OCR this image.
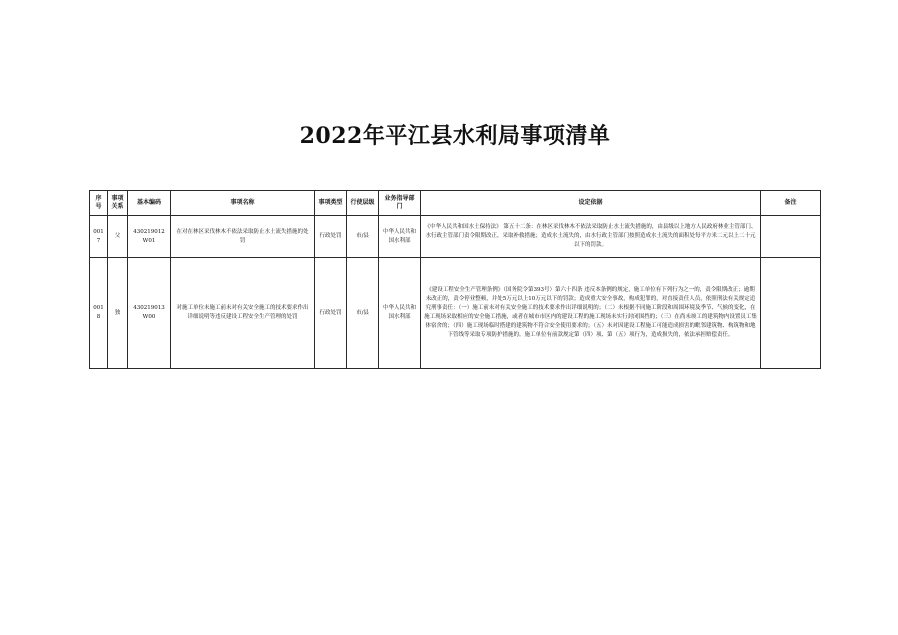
2022年平江县水利局事项清单
序号	事项关系	基本编码	事项名称	事项类型	行使层级	业务指导部门	设定依据	备注
0017	父	430219012W01	在对在林区采伐林木不依法采取防止水土流失措施的处罚	行政处罚	市/县	中华人民共和国水利部	《中华人民共和国水土保持法》 第五十二条：在林区采伐林木不依法采取防止水土流失措施的，由县级以上地方人民政府林业主管部门、水行政主管部门责令限期改正，采取补救措施；造成水土流失的，由水行政主管部门按照造成水土流失的面积处每平方米二元以上二十元以下的罚款。	
0018	独	430219013W00	对施工单位未施工前未对有关安全施工的技术要求作出详细说明等违反建设工程安全生产管理的处罚	行政处罚	市/县	中华人民共和国水利部	《建设工程安全生产管理条例》（国务院令第393号）第六十四条 违反本条例的规定，施工单位有下列行为之一的，责令限期改正；逾期未改正的，责令停业整顿，并处5万元以上10万元以下的罚款；造成重大安全事故，构成犯罪的，对直接责任人员，依照刑法有关规定追究刑事责任：（一）施工前未对有关安全施工的技术要求作出详细说明的；（二）未根据不同施工阶段和周围环境及季节、气候的变化，在施工现场采取相应的安全施工措施，或者在城市市区内的建设工程的施工现场未实行封闭围挡的；（三）在尚未竣工的建筑物内设置员工集体宿舍的；（四）施工现场临时搭建的建筑物不符合安全使用要求的；（五）未对因建设工程施工可能造成损害的毗邻建筑物、构筑物和地下管线等采取专项防护措施的。施工单位有前款规定第（四）项、第（五）项行为，造成损失的，依法承担赔偿责任。	
